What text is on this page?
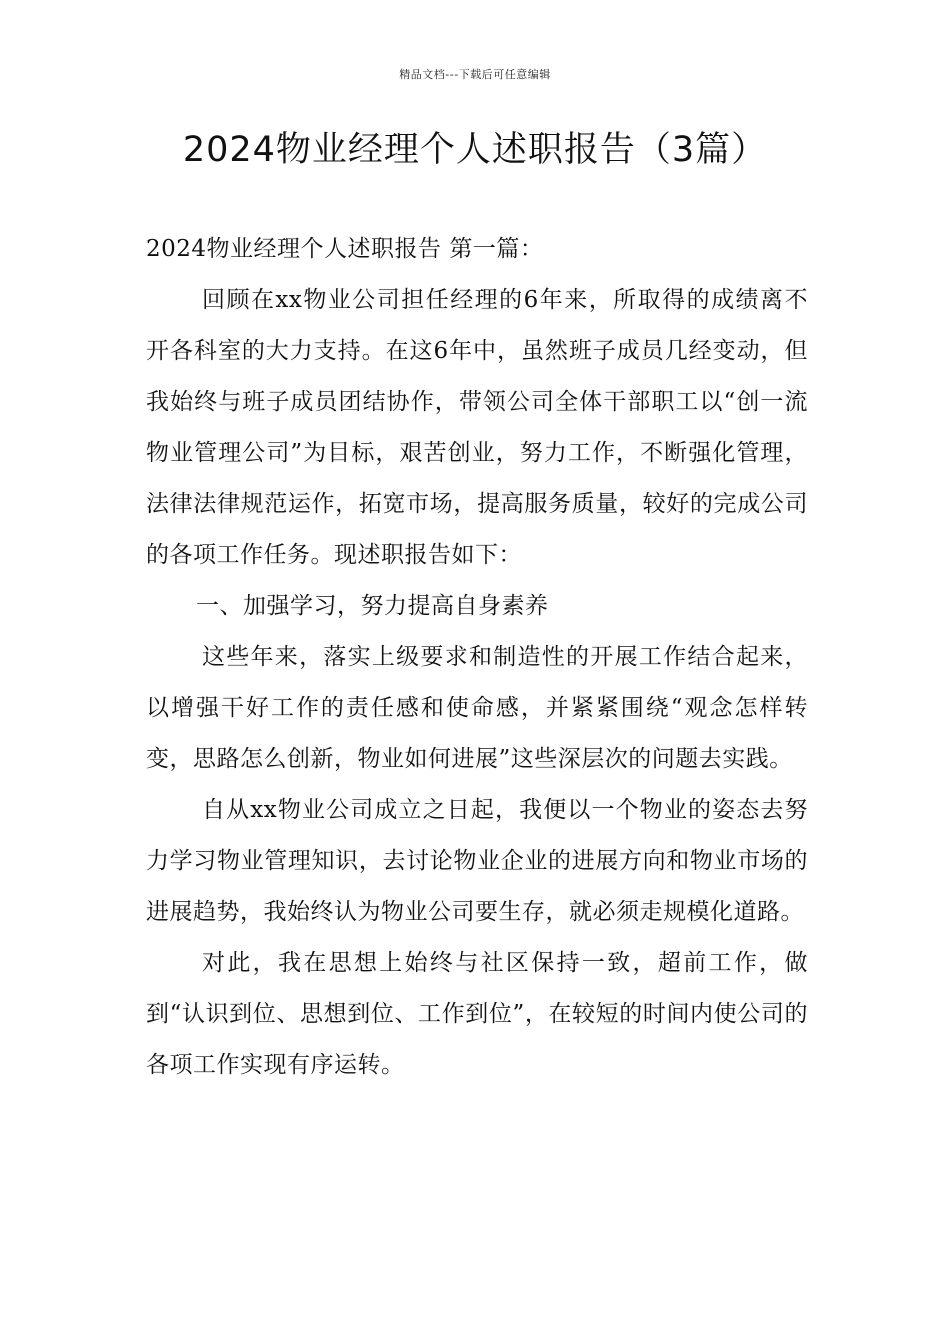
精品文档---下载后可任意编辑
2024物业经理个人述职报告（3篇）

2024物业经理个人述职报告 第一篇：

回顾在xx物业公司担任经理的6年来，所取得的成绩离不开各科室的大力支持。在这6年中，虽然班子成员几经变动，但我始终与班子成员团结协作，带领公司全体干部职工以“创一流物业管理公司”为目标，艰苦创业，努力工作，不断强化管理，法律法律规范运作，拓宽市场，提高服务质量，较好的完成公司的各项工作任务。现述职报告如下：

一、加强学习，努力提高自身素养

这些年来，落实上级要求和制造性的开展工作结合起来，以增强干好工作的责任感和使命感，并紧紧围绕“观念怎样转变，思路怎么创新，物业如何进展”这些深层次的问题去实践。

自从xx物业公司成立之日起，我便以一个物业的姿态去努力学习物业管理知识，去讨论物业企业的进展方向和物业市场的进展趋势，我始终认为物业公司要生存，就必须走规模化道路。

对此，我在思想上始终与社区保持一致，超前工作，做到“认识到位、思想到位、工作到位”，在较短的时间内使公司的各项工作实现有序运转。
